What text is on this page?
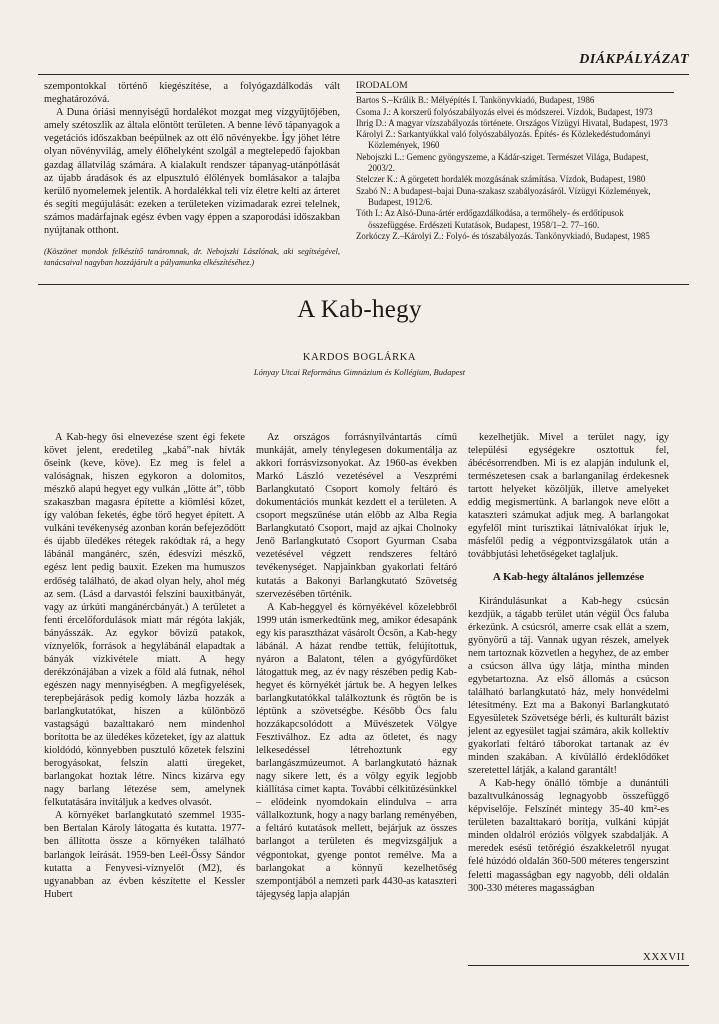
DIÁKPÁLYÁZAT

szempontokkal történő kiegészítése, a folyógazdálkodás vált meghatározóvá.

A Duna óriási mennyiségű hordalékot mozgat meg vízgyűjtőjében, amely szétoszlik az általa elöntött területen. A benne lévő tápanyagok a vegetációs időszakban beépülnek az ott élő növényekbe. Így jöhet létre olyan növényvilág, amely élőhelyként szolgál a megtelepedő fajokban gazdag állatvilág számára. A kialakult rendszer tápanyag-utánpótlását az újabb áradások és az elpusztuló élőlények bomlásakor a talajba kerülő nyomelemek jelentik. A hordalékkal teli víz életre kelti az árteret és segíti megújulását: ezeken a területeken vízimadarak ezrei telelnek, számos madárfajnak egész évben vagy éppen a szaporodási időszakban nyújtanak otthont.

(Köszönet mondok felkészítő tanáromnak, dr. Nebojszki Lászlónak, aki segítségével, tanácsaival nagyban hozzájárult a pályamunka elkészítéséhez.)

IRODALOM

Bartos S.–Králik B.: Mélyépítés I. Tankönyvkiadó, Budapest, 1986

Csoma J.: A korszerű folyószabályozás elvei és módszerei. Vízdok, Budapest, 1973

Ihrig D.: A magyar vízszabályozás története. Országos Vízügyi Hivatal, Budapest, 1973

Károlyi Z.: Sarkantyúkkal való folyószabályozás. Építés- és Közlekedéstudományi Közlemények, 1960

Nebojszki L.: Gemenc gyöngyszeme, a Kádár-sziget. Természet Világa, Budapest, 2003/2.

Stelczer K.: A görgetett hordalék mozgásának számítása. Vízdok, Budapest, 1980

Szabó N.: A budapest–bajai Duna-szakasz szabályozásáról. Vízügyi Közlemények, Budapest, 1912/6.

Tóth I.: Az Alsó-Duna-ártér erdőgazdálkodása, a termőhely- és erdőtípusok összefüggése. Erdészeti Kutatások, Budapest, 1958/1–2. 77–160.

Zorkóczy Z.–Károlyi Z.: Folyó- és tószabályozás. Tankönyvkiadó, Budapest, 1985

A Kab-hegy
KARDOS BOGLÁRKA
Lónyay Utcai Református Gimnázium és Kollégium, Budapest

A Kab-hegy ősi elnevezése szent égi fekete követ jelent, eredetileg „kabá”-nak hívták őseink (keve, köve). Ez meg is felel a valóságnak, hiszen egykoron a dolomitos, mészkő alapú hegyet egy vulkán „lötte át”, több szakaszban magasra építette a kiömlési kőzet, így valóban feketés, égbe törő hegyet épített. A vulkáni tevékenység azonban korán befejeződött és újabb üledékes rétegek rakódtak rá, a hegy lábánál mangánérc, szén, édesvízi mészkő, egész lent pedig bauxit. Ezeken ma humuszos erdőség található, de akad olyan hely, ahol még az sem. (Lásd a darvastói felszíni bauxitbányát, vagy az úrkúti mangánércbányát.) A területet a fenti ércelőfordulások miatt már régóta lakják, bányásszák. Az egykor bővizű patakok, víznyelők, források a hegylábánál elapadtak a bányák vízkivétele miatt. A hegy derékzónájában a vizek a föld alá futnak, néhol egészen nagy mennyiségben. A megfigyelések, terepbejárások pedig komoly lázba hozzák a barlangkutatókat, hiszen a különböző vastagságú bazalttakaró nem mindenhol borította be az üledékes kőzeteket, így az alattuk kioldódó, könnyebben pusztuló kőzetek felszíni berogyásokat, felszín alatti üregeket, barlangokat hoztak létre. Nincs kizárva egy nagy barlang létezése sem, amelynek felkutatására invitáljuk a kedves olvasót.

A környéket barlangkutató szemmel 1935-ben Bertalan Károly látogatta és kutatta. 1977-ben állította össze a környéken található barlangok leírását. 1959-ben Leél-Őssy Sándor kutatta a Fenyvesi-víznyelőt (M2), és ugyanabban az évben készítette el Kessler Hubert

Az országos forrásnyilvántartás című munkáját, amely ténylegesen dokumentálja az akkori forrásvizsonyokat. Az 1960-as években Markó László vezetésével a Veszprémi Barlangkutató Csoport komoly feltáró és dokumentációs munkát kezdett el a területen. A csoport megszűnése után előbb az Alba Regia Barlangkutató Csoport, majd az ajkai Cholnoky Jenő Barlangkutató Csoport Gyurman Csaba vezetésével végzett rendszeres feltáró tevékenységet. Napjainkban gyakorlati feltáró kutatás a Bakonyi Barlangkutató Szövetség szervezésében történik.

A Kab-heggyel és környékével közelebbről 1999 után ismerkedtünk meg, amikor édesapánk egy kis parasztházat vásárolt Öcsön, a Kab-hegy lábánál. A házat rendbe tettük, felújítottuk, nyáron a Balatont, télen a gyógyfürdőket látogattuk meg, az év nagy részében pedig Kab-hegyet és környékét jártuk be. A hegyen lelkes barlangkutatókkal találkoztunk és rögtön be is léptünk a szövetségbe. Később Öcs falu hozzákapcsolódott a Művészetek Völgye Fesztiválhoz. Ez adta az ötletet, és nagy lelkesedéssel létrehoztunk egy barlangászmúzeumot. A barlangkutató háznak nagy sikere lett, és a völgy egyik legjobb kiállítása címet kapta. További célkitűzésünkkel – elődeink nyomdokain elindulva – arra vállalkoztunk, hogy a nagy barlang reményében, a feltáró kutatások mellett, bejárjuk az összes barlangot a területen és megvizsgáljuk a végpontokat, gyenge pontot remélve. Ma a barlangokat a könnyű kezelhetőség szempontjából a nemzeti park 4430-as kataszteri tájegység lapja alapján

kezelhetjük. Mivel a terület nagy, így települési egységekre osztottuk fel, ábécésorrendben. Mi is ez alapján indulunk el, természetesen csak a barlanganilag érdekesnek tartott helyeket közöljük, illetve amelyeket eddig megismertünk. A barlangok neve előtt a kataszteri számukat adjuk meg. A barlangokat egyfelől mint turisztikai látnivalókat írjuk le, másfelől pedig a végpontvizsgálatok után a továbbjutási lehetőségeket taglaljuk.

A Kab-hegy általános jellemzése

Kirándulásunkat a Kab-hegy csúcsán kezdjük, a tágabb terület után végül Öcs faluba érkezünk. A csúcsról, amerre csak ellát a szem, gyönyörű a táj. Vannak ugyan részek, amelyek nem tartoznak közvetlen a hegyhez, de az ember a csúcson állva úgy látja, mintha minden egybetartozna. Az első állomás a csúcson található barlangkutató ház, mely honvédelmi létesítmény. Ezt ma a Bakonyi Barlangkutató Egyesületek Szövetsége bérli, és kulturált bázist jelent az egyesület tagjai számára, akik kollektív gyakorlati feltáró táborokat tartanak az év minden szakában. A kívülálló érdeklődőket szeretettel látják, a kaland garantált!

A Kab-hegy önálló tömbje a dunántúli bazaltvulkánosság legnagyobb összefüggő képviselője. Felszínét mintegy 35-40 km²-es területen bazalttakaró borítja, vulkáni kúpját minden oldalról eróziós völgyek szabdalják. A meredek esésű tetőrégió északkeletről nyugat felé húzódó oldalán 360-500 méteres tengerszint feletti magasságban egy nagyobb, déli oldalán 300-330 méteres magasságban

XXXVII
